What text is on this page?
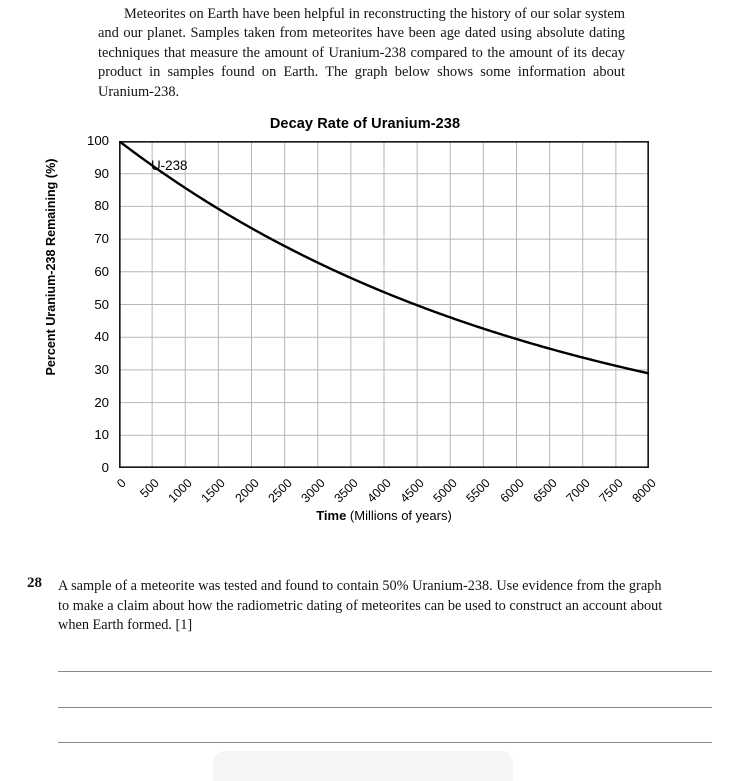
Meteorites on Earth have been helpful in reconstructing the history of our solar system and our planet. Samples taken from meteorites have been age dated using absolute dating techniques that measure the amount of Uranium-238 compared to the amount of its decay product in samples found on Earth. The graph below shows some information about Uranium-238.
Decay Rate of Uranium-238
Percent Uranium-238 Remaining (%)	U-238
0
10
20
30
40
50
60
70
80
90
100
0 500 1000 1500 2000 2500 3000 3500 4000 4500 5000 5500 6000 6500 7000 7500 8000
Time (Millions of years)
28 A sample of a meteorite was tested and found to contain 50% Uranium-238. Use evidence from the graph to make a claim about how the radiometric dating of meteorites can be used to construct an account about when Earth formed. [1]
